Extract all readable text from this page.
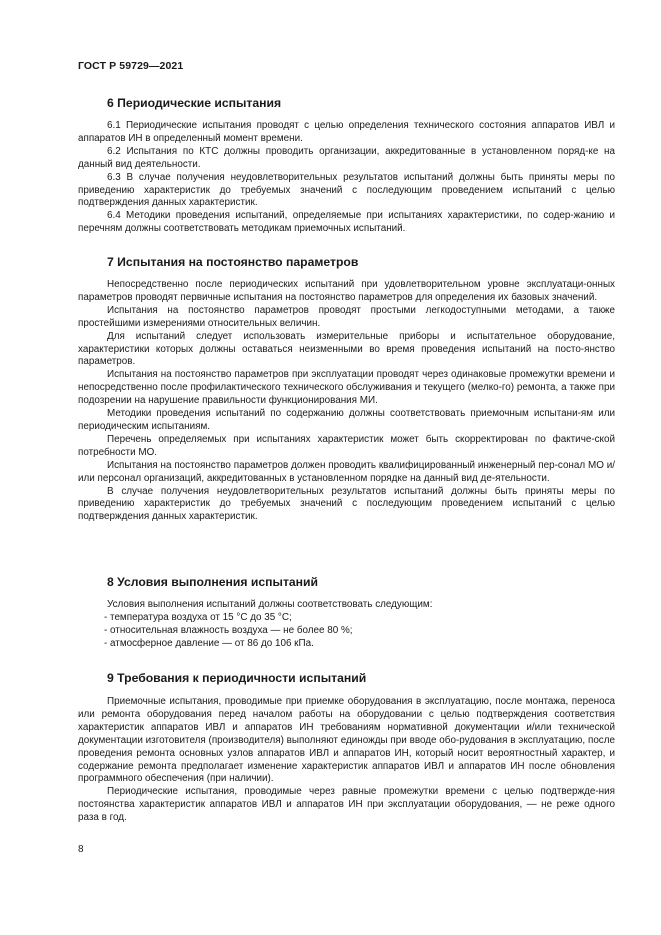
ГОСТ Р 59729—2021
6 Периодические испытания

6.1 Периодические испытания проводят с целью определения технического состояния аппаратов ИВЛ и аппаратов ИН в определенный момент времени.

6.2 Испытания по КТС должны проводить организации, аккредитованные в установленном поряд-ке на данный вид деятельности.

6.3 В случае получения неудовлетворительных результатов испытаний должны быть приняты меры по приведению характеристик до требуемых значений с последующим проведением испытаний с целью подтверждения данных характеристик.

6.4 Методики проведения испытаний, определяемые при испытаниях характеристики, по содер-жанию и перечням должны соответствовать методикам приемочных испытаний.

7 Испытания на постоянство параметров

Непосредственно после периодических испытаний при удовлетворительном уровне эксплуатаци-онных параметров проводят первичные испытания на постоянство параметров для определения их базовых значений.

Испытания на постоянство параметров проводят простыми легкодоступными методами, а также простейшими измерениями относительных величин.

Для испытаний следует использовать измерительные приборы и испытательное оборудование, характеристики которых должны оставаться неизменными во время проведения испытаний на посто-янство параметров.

Испытания на постоянство параметров при эксплуатации проводят через одинаковые промежутки времени и непосредственно после профилактического технического обслуживания и текущего (мелко-го) ремонта, а также при подозрении на нарушение правильности функционирования МИ.

Методики проведения испытаний по содержанию должны соответствовать приемочным испытани-ям или периодическим испытаниям.

Перечень определяемых при испытаниях характеристик может быть скорректирован по фактиче-ской потребности МО.

Испытания на постоянство параметров должен проводить квалифицированный инженерный пер-сонал МО и/или персонал организаций, аккредитованных в установленном порядке на данный вид де-ятельности.

В случае получения неудовлетворительных результатов испытаний должны быть приняты меры по приведению характеристик до требуемых значений с последующим проведением испытаний с целью подтверждения данных характеристик.

8 Условия выполнения испытаний

Условия выполнения испытаний должны соответствовать следующим:

- температура воздуха от 15 °С до 35 °С;
- относительная влажность воздуха — не более 80 %;
- атмосферное давление — от 86 до 106 кПа.
9 Требования к периодичности испытаний

Приемочные испытания, проводимые при приемке оборудования в эксплуатацию, после монтажа, переноса или ремонта оборудования перед началом работы на оборудовании с целью подтверждения соответствия характеристик аппаратов ИВЛ и аппаратов ИН требованиям нормативной документации и/или технической документации изготовителя (производителя) выполняют единожды при вводе обо-рудования в эксплуатацию, после проведения ремонта основных узлов аппаратов ИВЛ и аппаратов ИН, который носит вероятностный характер, и содержание ремонта предполагает изменение характеристик аппаратов ИВЛ и аппаратов ИН после обновления программного обеспечения (при наличии).

Периодические испытания, проводимые через равные промежутки времени с целью подтвержде-ния постоянства характеристик аппаратов ИВЛ и аппаратов ИН при эксплуатации оборудования, — не реже одного раза в год.

8
